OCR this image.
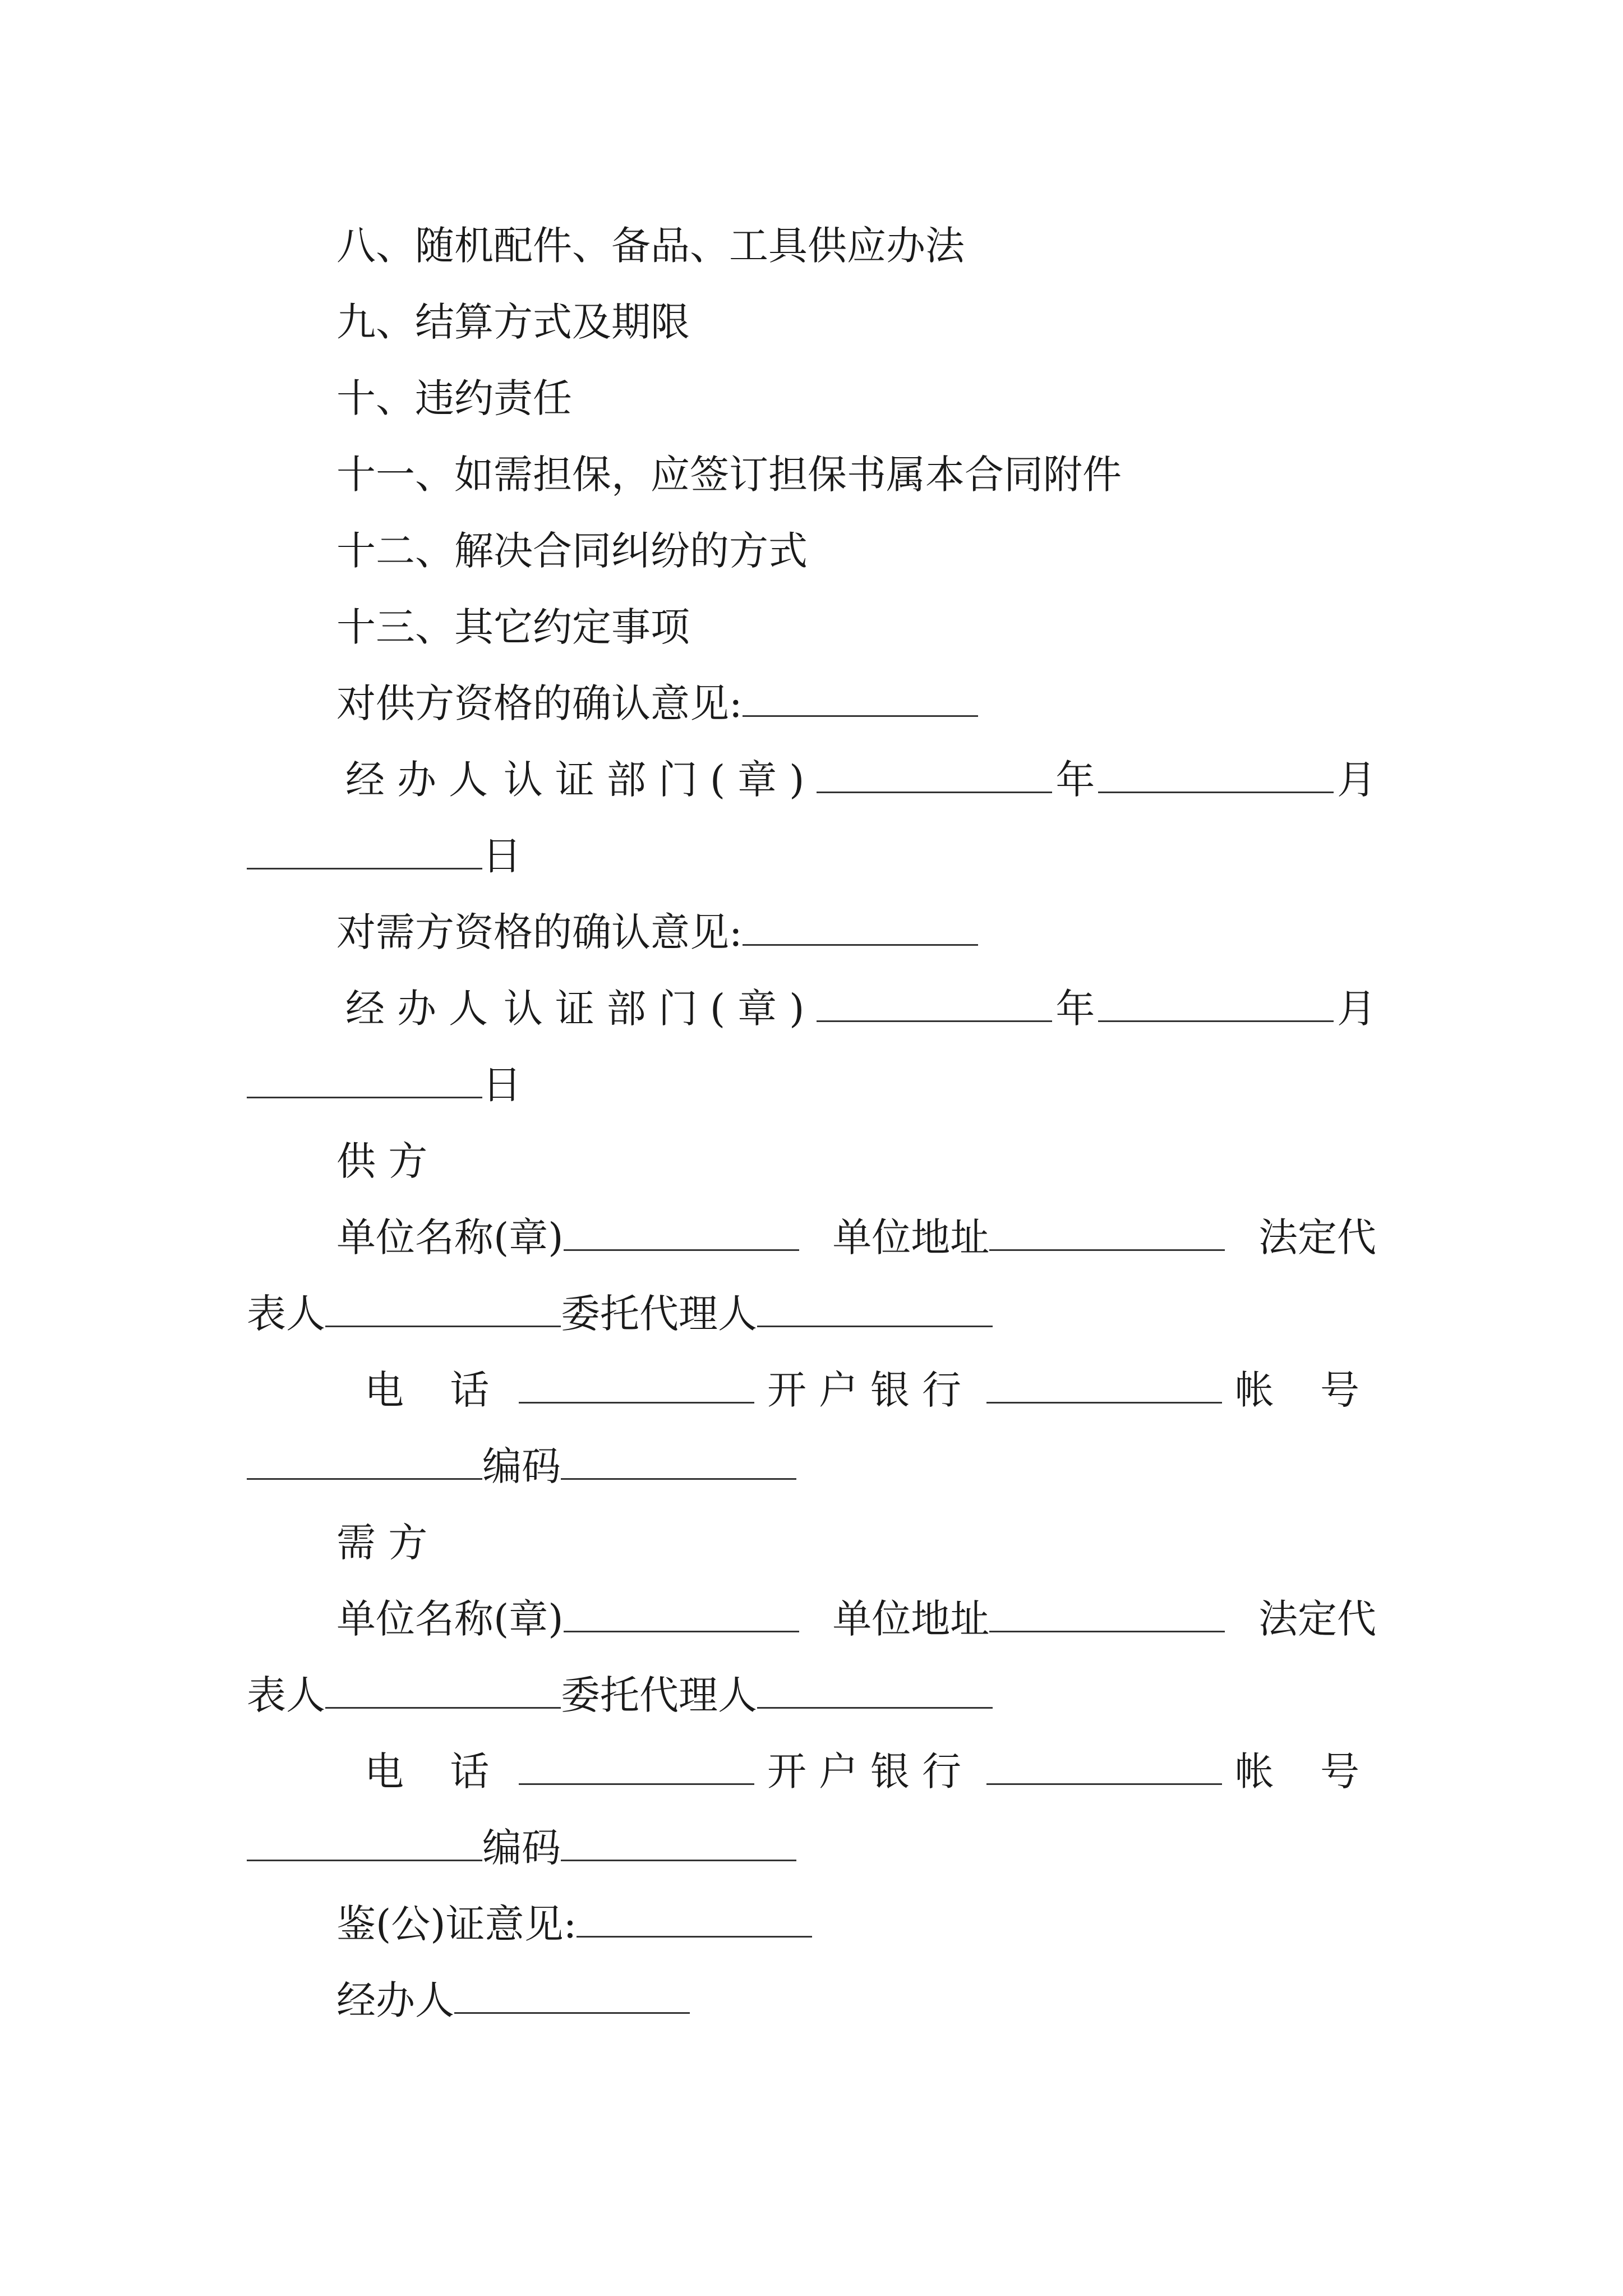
八、随机配件、备品、工具供应办法
九、结算方式及期限
十、违约责任
十一、如需担保，应签订担保书属本合同附件
十二、解决合同纠纷的方式
十三、其它约定事项
对供方资格的确认意见:
经办人 认证部门(章)	年	月
日
对需方资格的确认意见:
经办人 认证部门(章)	年	月
日
供 方
单位名称(章)	单位地址	法定代
表人	委托代理人
电 话	开户银行	帐 号
编码
需 方
单位名称(章)	单位地址	法定代
表人	委托代理人
电 话	开户银行	帐 号
编码
鉴(公)证意见:
经办人
